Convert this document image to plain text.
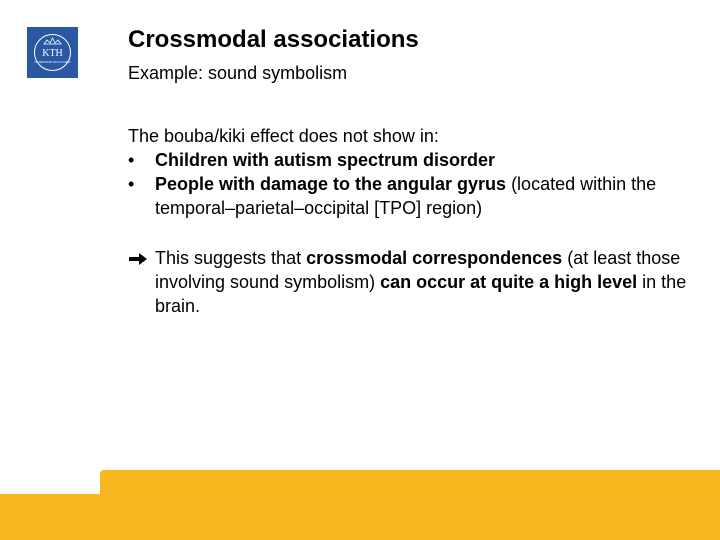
KTH
VETENSKAP OCH KONST
Crossmodal associations
Example: sound symbolism

The bouba/kiki effect does not show in:

• Children with autism spectrum disorder
• People with damage to the angular gyrus (located within the temporal–parietal–occipital [TPO] region)
This suggests that crossmodal correspondences (at least those involving sound symbolism) can occur at quite a high level in the brain.
